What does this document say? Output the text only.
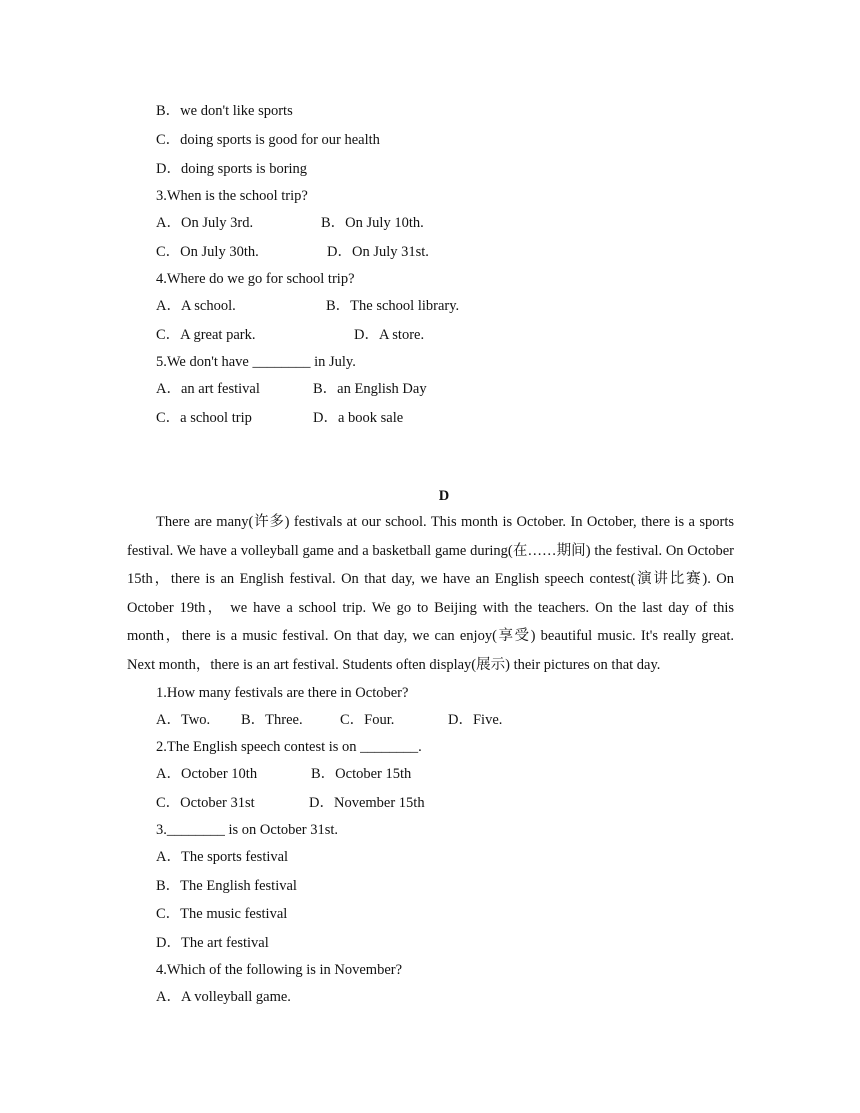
B．we don't like sports
C．doing sports is good for our health
D．doing sports is boring
3.When is the school trip?
A．On July 3rd.	B．On July 10th.
C．On July 30th.	D．On July 31st.
4.Where do we go for school trip?
A．A school.	B．The school library.
C．A great park.	D．A store.
5.We don't have ________ in July.
A．an art festival	B．an English Day
C．a school trip	D．a book sale
D
There are many(许多) festivals at our school. This month is October. In October, there is a sports festival. We have a volleyball game and a basketball game during(在……期间) the festival. On October 15th，there is an English festival. On that day, we have an English speech contest(演讲比赛). On October 19th， we have a school trip. We go to Beijing with the teachers. On the last day of this month，there is a music festival. On that day, we can enjoy(享受) beautiful music. It's really great. Next month，there is an art festival. Students often display(展示) their pictures on that day.
1.How many festivals are there in October?
A．Two. B．Three.	C．Four.	D．Five.
2.The English speech contest is on ________.
A．October 10th	B．October 15th
C．October 31st	D．November 15th
3.________ is on October 31st.
A．The sports festival
B．The English festival
C．The music festival
D．The art festival
4.Which of the following is in November?
A．A volleyball game.
